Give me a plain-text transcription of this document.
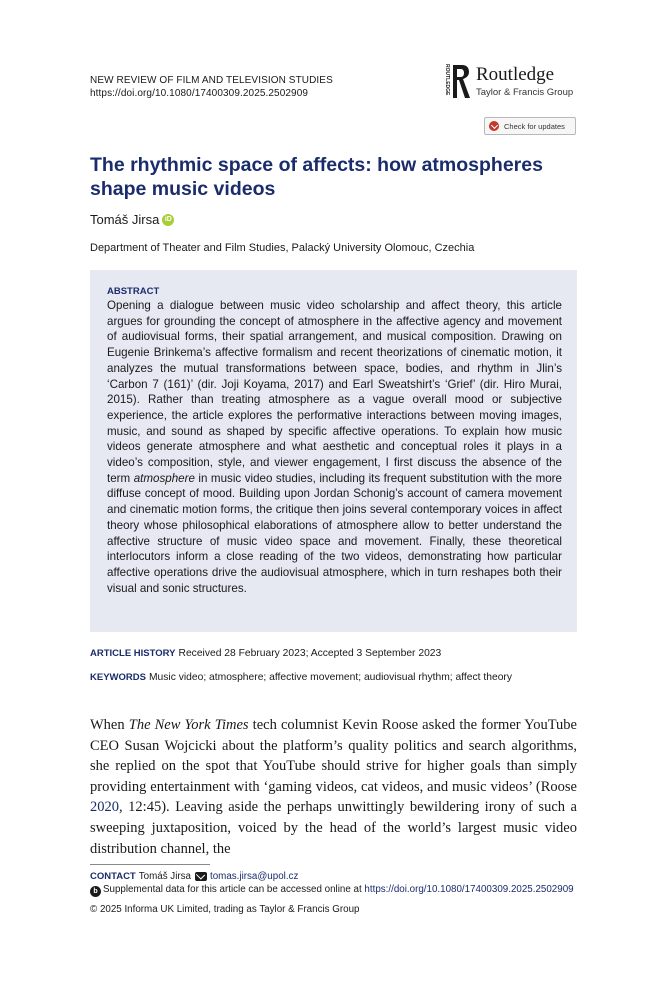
NEW REVIEW OF FILM AND TELEVISION STUDIES
https://doi.org/10.1080/17400309.2025.2502909	ROUTLEDGE Routledge
Taylor & Francis Group
Check for updates
The rhythmic space of affects: how atmospheres shape music videos
Tomáš Jirsa iD
Department of Theater and Film Studies, Palacký University Olomouc, Czechia
ABSTRACT

Opening a dialogue between music video scholarship and affect theory, this article argues for grounding the concept of atmosphere in the affective agency and movement of audiovisual forms, their spatial arrangement, and musical composition. Drawing on Eugenie Brinkema’s affective formalism and recent theorizations of cinematic motion, it analyzes the mutual transformations between space, bodies, and rhythm in Jlin’s ‘Carbon 7 (161)’ (dir. Joji Koyama, 2017) and Earl Sweatshirt’s ‘Grief’ (dir. Hiro Murai, 2015). Rather than treating atmosphere as a vague overall mood or subjective experience, the article explores the performative interactions between moving images, music, and sound as shaped by specific affective operations. To explain how music videos generate atmosphere and what aesthetic and conceptual roles it plays in a video’s composition, style, and viewer engagement, I first discuss the absence of the term atmosphere in music video studies, including its frequent substitution with the more diffuse concept of mood. Building upon Jordan Schonig’s account of camera movement and cinematic motion forms, the critique then joins several contemporary voices in affect theory whose philosophical elaborations of atmosphere allow to better understand the affective structure of music video space and movement. Finally, these theoretical interlocutors inform a close reading of the two videos, demonstrating how particular affective operations drive the audiovisual atmosphere, which in turn reshapes both their visual and sonic structures.

ARTICLE HISTORY Received 28 February 2023; Accepted 3 September 2023
KEYWORDS Music video; atmosphere; affective movement; audiovisual rhythm; affect theory

When The New York Times tech columnist Kevin Roose asked the former YouTube CEO Susan Wojcicki about the platform’s quality politics and search algorithms, she replied on the spot that YouTube should strive for higher goals than simply providing entertainment with ‘gaming videos, cat videos, and music videos’ (Roose 2020, 12:45). Leaving aside the perhaps unwittingly bewildering irony of such a sweeping juxtaposition, voiced by the head of the world’s largest music video distribution channel, the

CONTACT Tomáš Jirsa tomas.jirsa@upol.cz
b Supplemental data for this article can be accessed online at https://doi.org/10.1080/17400309.2025.2502909
© 2025 Informa UK Limited, trading as Taylor & Francis Group
